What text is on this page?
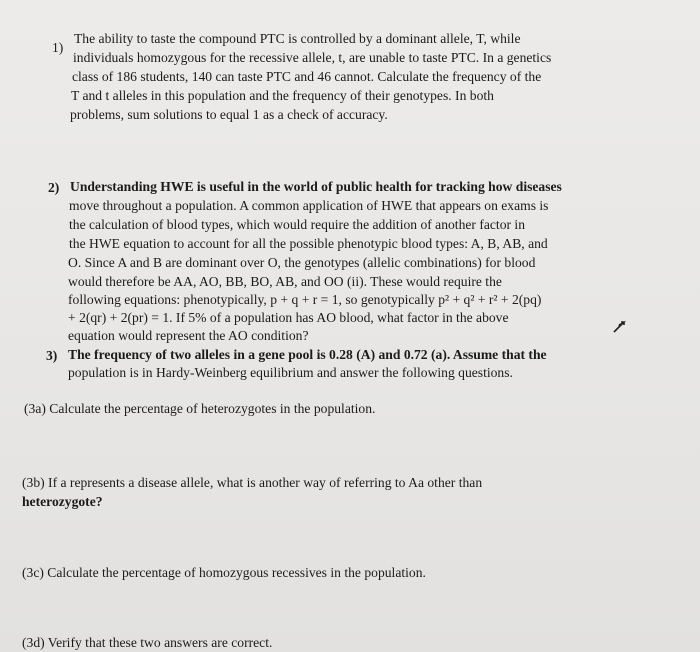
1)
The ability to taste the compound PTC is controlled by a dominant allele, T, while
individuals homozygous for the recessive allele, t, are unable to taste PTC. In a genetics
class of 186 students, 140 can taste PTC and 46 cannot. Calculate the frequency of the
T and t alleles in this population and the frequency of their genotypes. In both
problems, sum solutions to equal 1 as a check of accuracy.
2) Understanding HWE is useful in the world of public health for tracking how diseases
move throughout a population. A common application of HWE that appears on exams is
the calculation of blood types, which would require the addition of another factor in
the HWE equation to account for all the possible phenotypic blood types: A, B, AB, and
O. Since A and B are dominant over O, the genotypes (allelic combinations) for blood
would therefore be AA, AO, BB, BO, AB, and OO (ii). These would require the
following equations: phenotypically, p + q + r = 1, so genotypically p² + q² + r² + 2(pq)
+ 2(qr) + 2(pr) = 1. If 5% of a population has AO blood, what factor in the above
equation would represent the AO condition?
3) The frequency of two alleles in a gene pool is 0.28 (A) and 0.72 (a). Assume that the
population is in Hardy-Weinberg equilibrium and answer the following questions.
(3a) Calculate the percentage of heterozygotes in the population.
(3b) If a represents a disease allele, what is another way of referring to Aa other than
heterozygote?
(3c) Calculate the percentage of homozygous recessives in the population.
(3d) Verify that these two answers are correct.
